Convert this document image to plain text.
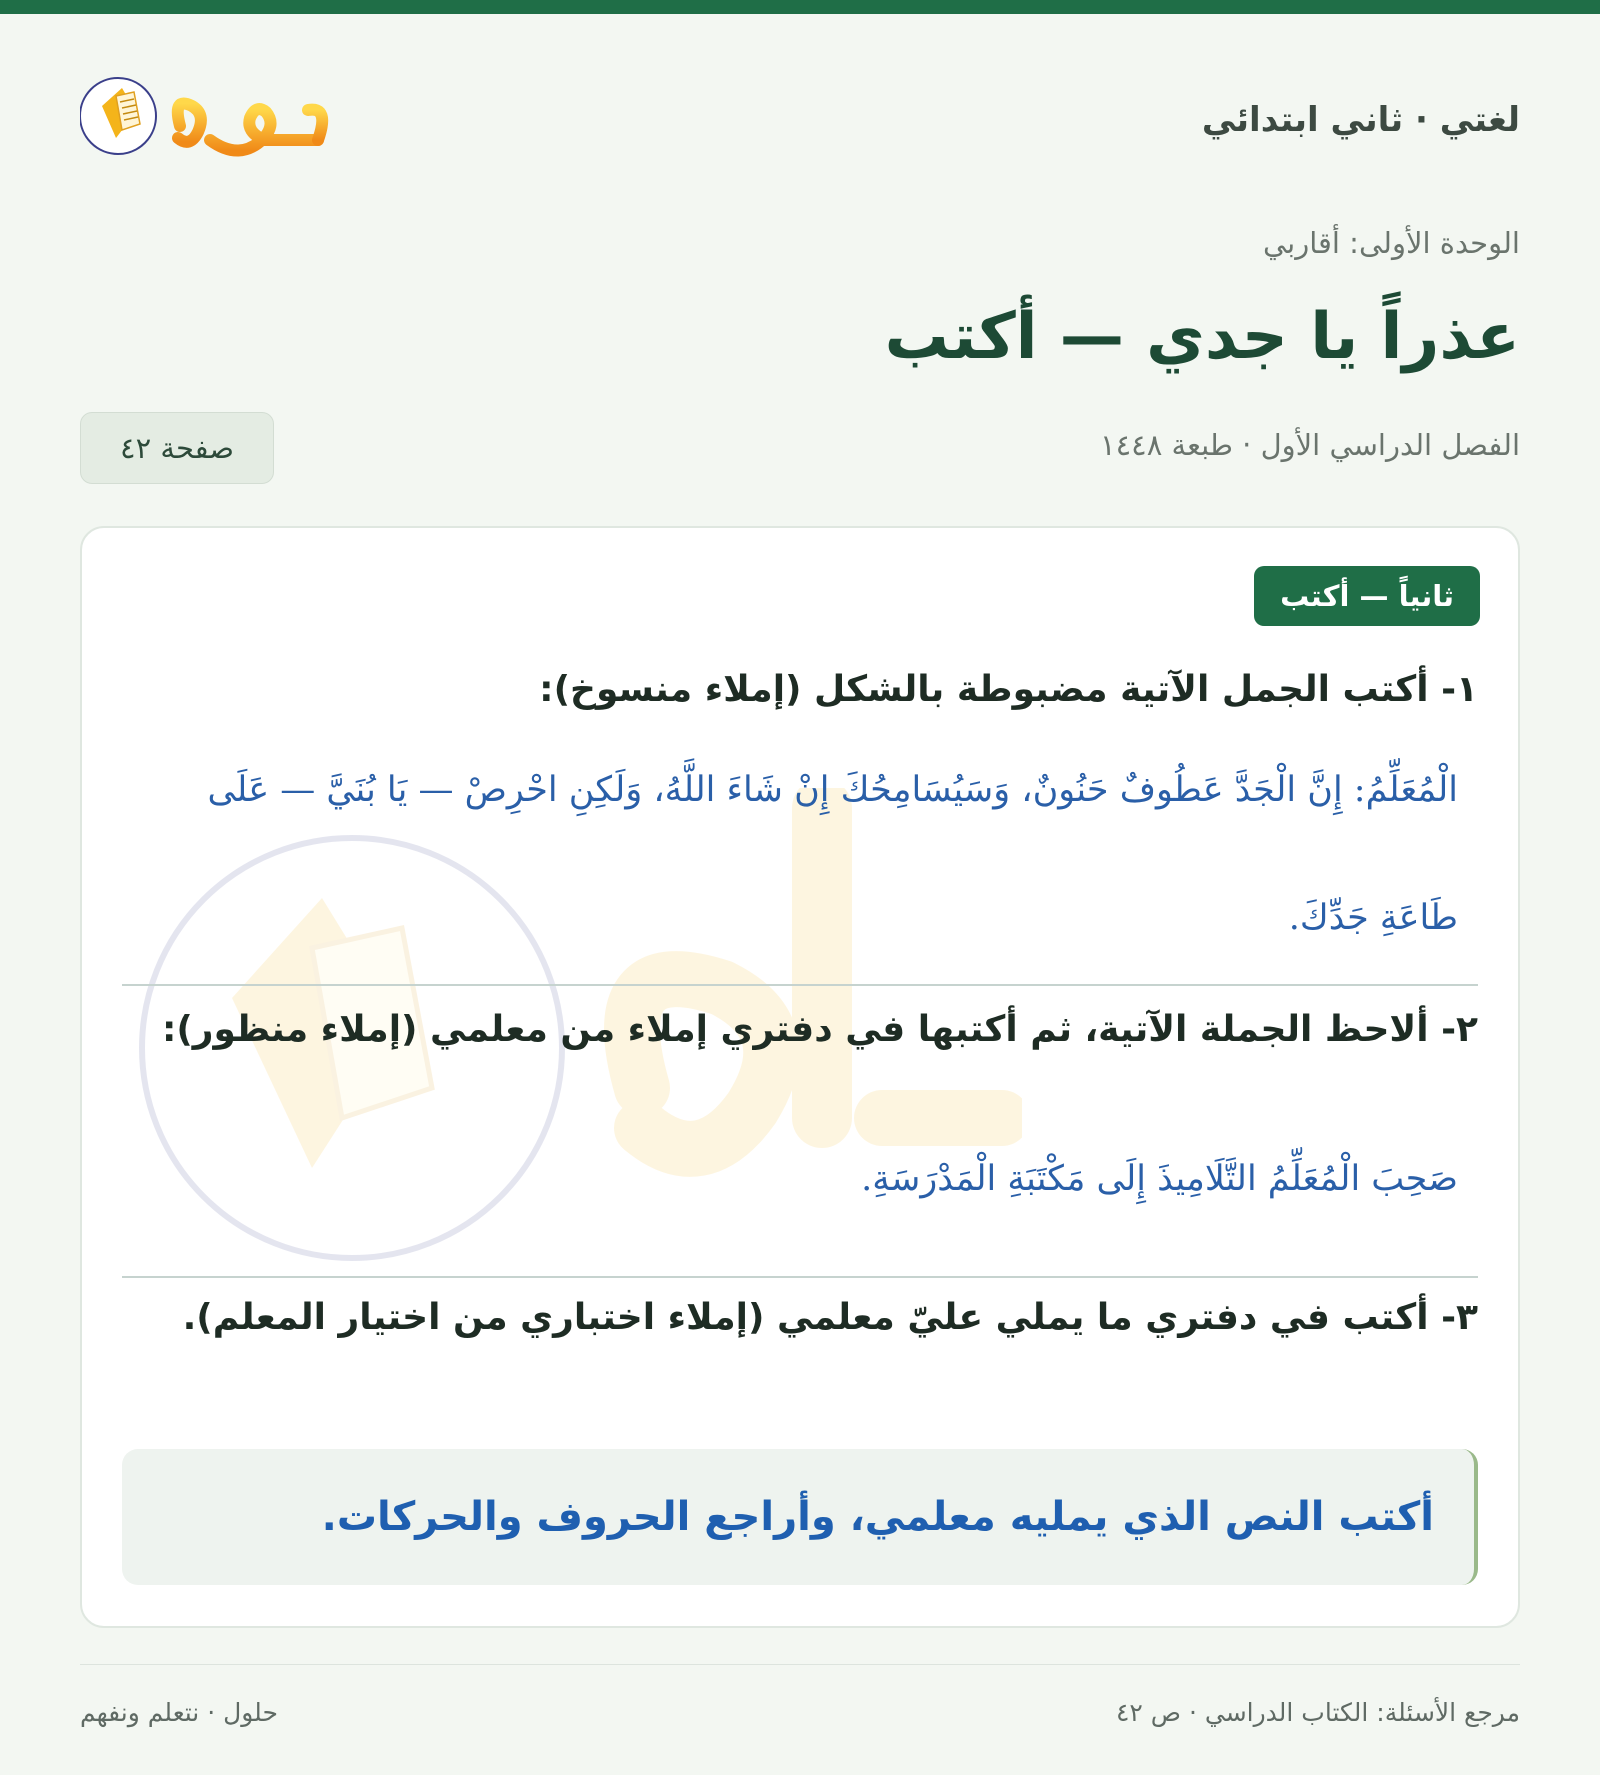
لغتي · ثاني ابتدائي
الوحدة الأولى: أقاربي
عذراً يا جدي — أكتب
الفصل الدراسي الأول · طبعة ١٤٤٨
صفحة ٤٢
ثانياً — أكتب
١- أكتب الجمل الآتية مضبوطة بالشكل (إملاء منسوخ):
الْمُعَلِّمُ: إِنَّ الْجَدَّ عَطُوفٌ حَنُونٌ، وَسَيُسَامِحُكَ إِنْ شَاءَ اللَّهُ، وَلَكِنِ احْرِصْ — يَا بُنَيَّ — عَلَى طَاعَةِ جَدِّكَ.
٢- ألاحظ الجملة الآتية، ثم أكتبها في دفتري إملاء من معلمي (إملاء منظور):
صَحِبَ الْمُعَلِّمُ التَّلَامِيذَ إِلَى مَكْتَبَةِ الْمَدْرَسَةِ.
٣- أكتب في دفتري ما يملي عليّ معلمي (إملاء اختباري من اختيار المعلم).
أكتب النص الذي يمليه معلمي، وأراجع الحروف والحركات.
مرجع الأسئلة: الكتاب الدراسي · ص ٤٢
حلول · نتعلم ونفهم
